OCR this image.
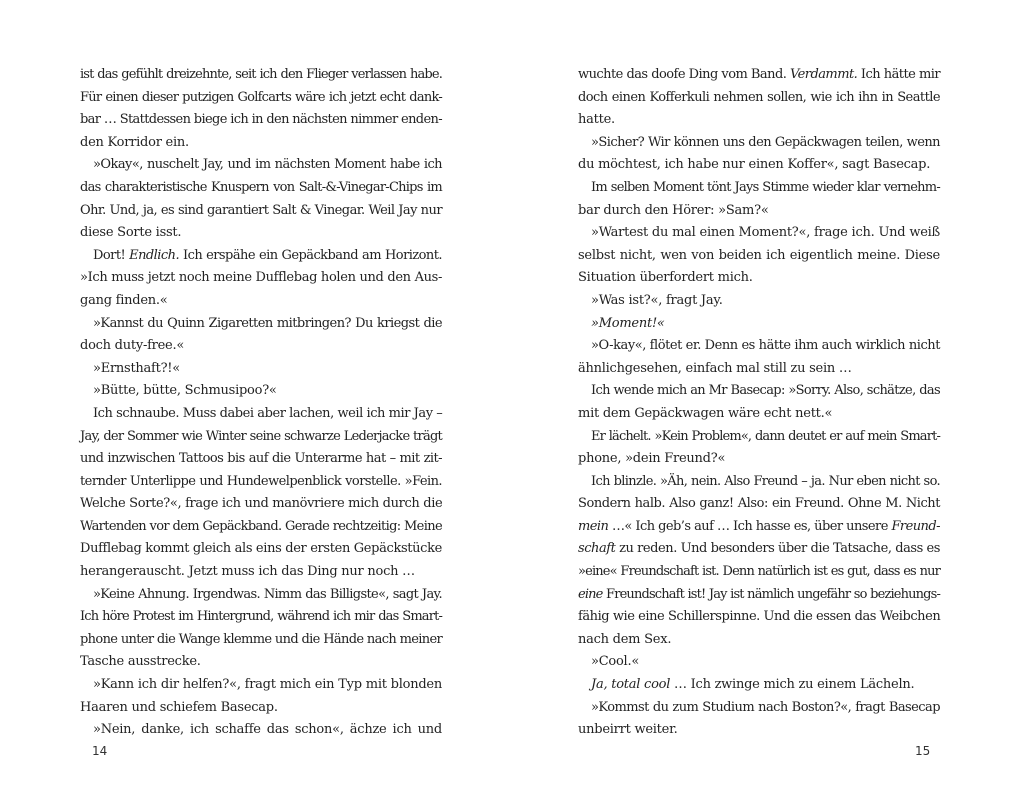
ist das gefühlt dreizehnte, seit ich den Flieger verlassen habe.
Für einen dieser putzigen Golfcarts wäre ich jetzt echt dank-
bar … Stattdessen biege ich in den nächsten nimmer enden-
den Korridor ein.
»Okay«, nuschelt Jay, und im nächsten Moment habe ich
das charakteristische Knuspern von Salt-&-Vinegar-Chips im
Ohr. Und, ja, es sind garantiert Salt & Vinegar. Weil Jay nur
diese Sorte isst.
Dort! Endlich. Ich erspähe ein Gepäckband am Horizont.
»Ich muss jetzt noch meine Dufflebag holen und den Aus-
gang finden.«
»Kannst du Quinn Zigaretten mitbringen? Du kriegst die
doch duty-free.«
»Ernsthaft?!«
»Bütte, bütte, Schmusipoo?«
Ich schnaube. Muss dabei aber lachen, weil ich mir Jay –
Jay, der Sommer wie Winter seine schwarze Lederjacke trägt
und inzwischen Tattoos bis auf die Unterarme hat – mit zit-
ternder Unterlippe und Hundewelpenblick vorstelle. »Fein.
Welche Sorte?«, frage ich und manövriere mich durch die
Wartenden vor dem Gepäckband. Gerade rechtzeitig: Meine
Dufflebag kommt gleich als eins der ersten Gepäckstücke
herangerauscht. Jetzt muss ich das Ding nur noch …
»Keine Ahnung. Irgendwas. Nimm das Billigste«, sagt Jay.
Ich höre Protest im Hintergrund, während ich mir das Smart-
phone unter die Wange klemme und die Hände nach meiner
Tasche ausstrecke.
»Kann ich dir helfen?«, fragt mich ein Typ mit blonden
Haaren und schiefem Basecap.
»Nein, danke, ich schaffe das schon«, ächze ich und
wuchte das doofe Ding vom Band. Verdammt. Ich hätte mir
doch einen Kofferkuli nehmen sollen, wie ich ihn in Seattle
hatte.
»Sicher? Wir können uns den Gepäckwagen teilen, wenn
du möchtest, ich habe nur einen Koffer«, sagt Basecap.
Im selben Moment tönt Jays Stimme wieder klar vernehm-
bar durch den Hörer: »Sam?«
»Wartest du mal einen Moment?«, frage ich. Und weiß
selbst nicht, wen von beiden ich eigentlich meine. Diese
Situation überfordert mich.
»Was ist?«, fragt Jay.
»Moment!«
»O-kay«, flötet er. Denn es hätte ihm auch wirklich nicht
ähnlichgesehen, einfach mal still zu sein …
Ich wende mich an Mr Basecap: »Sorry. Also, schätze, das
mit dem Gepäckwagen wäre echt nett.«
Er lächelt. »Kein Problem«, dann deutet er auf mein Smart-
phone, »dein Freund?«
Ich blinzle. »Äh, nein. Also Freund – ja. Nur eben nicht so.
Sondern halb. Also ganz! Also: ein Freund. Ohne M. Nicht
mein …« Ich geb’s auf … Ich hasse es, über unsere Freund-
schaft zu reden. Und besonders über die Tatsache, dass es
»eine« Freundschaft ist. Denn natürlich ist es gut, dass es nur
eine Freundschaft ist! Jay ist nämlich ungefähr so beziehungs-
fähig wie eine Schillerspinne. Und die essen das Weibchen
nach dem Sex.
»Cool.«
Ja, total cool … Ich zwinge mich zu einem Lächeln.
»Kommst du zum Studium nach Boston?«, fragt Basecap
unbeirrt weiter.
14	15
